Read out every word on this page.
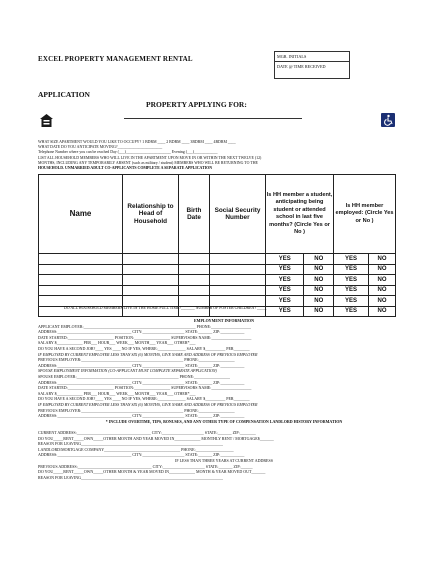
EXCEL PROPERTY MANAGEMENT RENTAL	MGR. INITIALS
DATE @ TIME RECEIVED
APPLICATION
PROPERTY APPLYING FOR:
WHAT SIZE APARTMENT WOULD YOU LIKE TO OCCUPY? 1 BDRM ____ 2 BDRM ____ 3BDRM ____ 4BDRM ____
WHAT DATE DO YOU ANTICIPATE MOVING?_______________________
Telephone Number where you can be reached Day (___)_______________________ Evening (___)____________
LIST ALL HOUSEHOLD MEMBERS WHO WILL LIVE IN THE APARTMENT UPON MOVE IN OR WITHIN THE NEXT TWELVE (12)
MONTHS, INCLUDING ANY TEMPORARILY ABSENT (such as military / student) MEMBERS WHO WILL BE RETURNING TO THE
HOUSEHOLD. UNMARRIED ADULT CO-APPLICANTS COMPLETE A SEPARATE APPLICATION
Name	Relationship to Head of Household	Birth Date	Social Security Number	Is HH member a student, anticipating being student or attended school in last five months? (Circle Yes or No )		Is HH member employed: (Circle Yes or No )	
				YES	NO	YES	NO
				YES	NO	YES	NO
				YES	NO	YES	NO
				YES	NO	YES	NO
				YES	NO	YES	NO
				YES	NO	YES	NO
DO ALL HOUSEHOLD MEMBERS LIVE IN THE HOME FULL TIME?_______ NUMBER OF FOSTER CHILDREN? _____
EMPLOYMENT INFORMATION
APPLICANT EMPLOYER:________________________________________________________ PHONE:____________________
ADDRESS:_____________________________________ CITY:_____________________ STATE:_______ ZIP:____________
DATE STARTED:_______________________ POSITION:__________________ SUPERVISORS NAME:____________________
SALARY $_____________ PER___ HOUR___ WEEK___ MONTH___ YEAR___ OTHER*___
DO YOU HAVE A SECOND JOB?____ YES ____ NO IF YES, WHERE:______________ SALARY $__________ PER________
IF EMPLOYED BY CURRENT EMPLOYER LESS THAN SIX (6) MONTHS, GIVE NAME AND ADDRESS OF PREVIOUS EMPLOYER
PREVIOUS EMPLOYER:___________________________________________________ PHONE:__________________
ADDRESS:_____________________________________ CITY:_____________________ STATE:_______ ZIP:____________
SPOUSE EMPLOYMENT INFORMATION (CO-APPLICANT MUST COMPLETE SEPARATE APPLICATION)
SPOUSE EMPLOYER:___________________________________________________ PHONE:__________________
ADDRESS:_____________________________________ CITY:_____________________ STATE:_______ ZIP:____________
DATE STARTED:_______________________ POSITION:__________________ SUPERVISORS NAME:____________________
SALARY $_____________ PER___ HOUR___ WEEK___ MONTH___ YEAR___ OTHER*___
DO YOU HAVE A SECOND JOB?____ YES ____ NO IF YES, WHERE:______________ SALARY $__________ PER________
IF EMPLOYED BY CURRENT EMPLOYER LESS THAN SIX (6) MONTHS, GIVE NAME AND ADDRESS OF PREVIOUS EMPLOYER
PREVIOUS EMPLOYER:___________________________________________________ PHONE:__________________
ADDRESS:_____________________________________ CITY:_____________________ STATE:_______ ZIP:____________
* INCLUDE OVERTIME, TIPS, BONUSES, AND ANY OTHER TYPE OF COMPENSATION LANDLORD HISTORY INFORMATION
CURRENT ADDRESS:_____________________________________ CITY:_____________________ STATE:_______ ZIP:________
DO YOU_____RENT_____OWN_____OTHER MONTH AND YEAR MOVED IN_____________ MONTHLY RENT / MORTGAGE$_______
REASON FOR LEAVING_______________________________________________________________________
LANDLORD/MORTGAGE COMPANY______________________________________ PHONE:___________________
ADDRESS:_____________________________________ CITY:_____________________ STATE:_______ ZIP:____________
IF LESS THAN THREE YEARS AT CURRENT ADDRESS
PREVIOUS ADDRESS:_____________________________________ CITY:_____________________ STATE:_______ ZIP:______
DO YOU_____RENT_____OWN_____OTHER MONTH & YEAR MOVED IN_____________ MONTH & YEAR MOVED OUT_______
REASON FOR LEAVING_______________________________________________________________________
